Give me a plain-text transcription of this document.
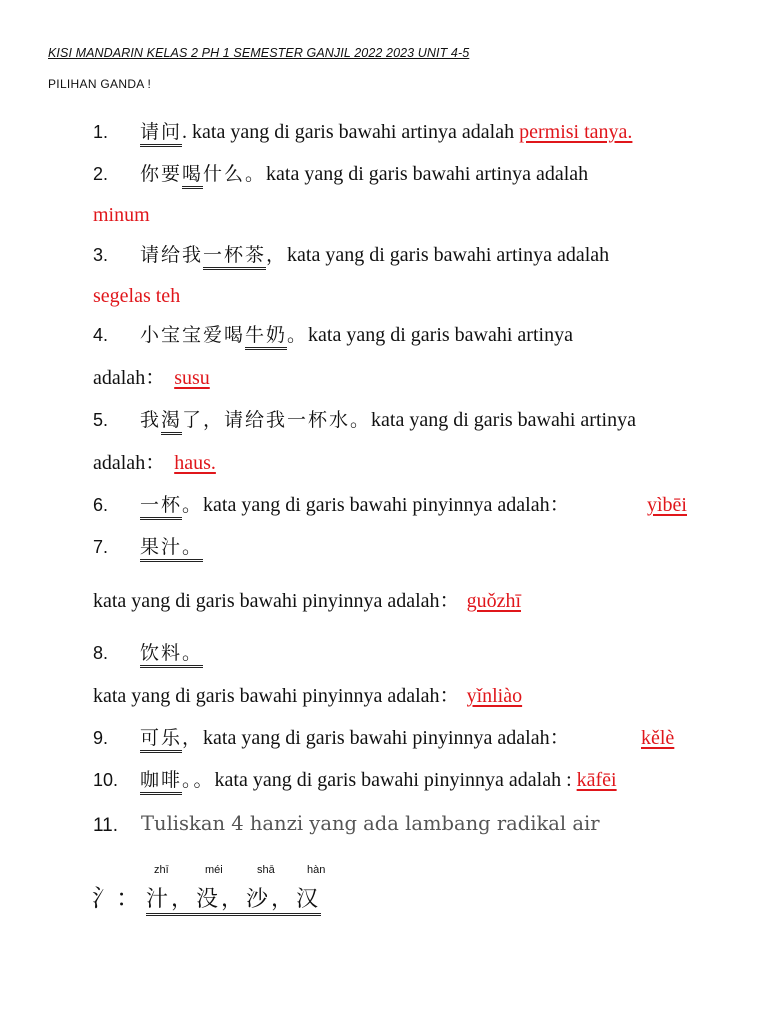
KISI MANDARIN KELAS 2 PH 1 SEMESTER GANJIL 2022 2023 UNIT 4-5
PILIHAN GANDA !
1. 请问. kata yang di garis bawahi artinya adalah permisi tanya.
2. 你要喝什么。kata yang di garis bawahi artinya adalah
minum
3. 请给我一杯茶，kata yang di garis bawahi artinya adalah
segelas teh
4. 小宝宝爱喝牛奶。kata yang di garis bawahi artinya
adalah： susu
5. 我渴了，请给我一杯水。kata yang di garis bawahi artinya
adalah： haus.
6. 一杯。kata yang di garis bawahi pinyinnya adalah：	yìbēi
7. 果汁。
kata yang di garis bawahi pinyinnya adalah： guǒzhī
8. 饮料。
kata yang di garis bawahi pinyinnya adalah： yǐnliào
9. 可乐，kata yang di garis bawahi pinyinnya adalah：	kělè
10. 咖啡。。kata yang di garis bawahi pinyinnya adalah : kāfēi
11. Tuliskan 4 hanzi yang ada lambang radikal air
zhī	méi	shā	hàn
氵： 汁，没，沙，汉
